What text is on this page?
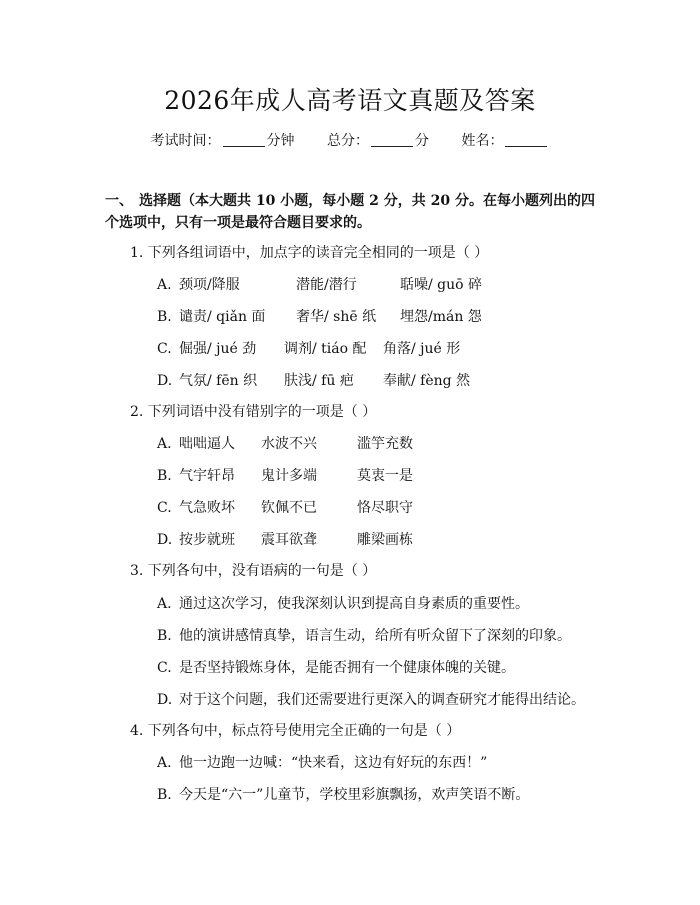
2026年成人高考语文真题及答案
考试时间：	分钟 总分：	分 姓名：
一、 选择题（本大题共 10 小题，每小题 2 分，共 20 分。在每小题列出的四个选项中，只有一项是最符合题目要求的。
1. 下列各组词语中，加点字的读音完全相同的一项是（ ）
A. 颈项/降服	潜能/潜行	聒噪/ guō 碎
B. 谴责/ qiǎn 面 奢华/ shē 纸 埋怨/mán 怨
C. 倔强/ jué 劲 调剂/ tiáo 配 角落/ jué 形
D. 气氛/ fēn 织 肤浅/ fū 疤 奉献/ fèng 然
2. 下列词语中没有错别字的一项是（ ）
A. 咄咄逼人 水波不兴	滥竽充数
B. 气宇轩昂 鬼计多端	莫衷一是
C. 气急败坏 钦佩不已	恪尽职守
D. 按步就班 震耳欲聋	雕梁画栋
3. 下列各句中，没有语病的一句是（ ）
A. 通过这次学习，使我深刻认识到提高自身素质的重要性。
B. 他的演讲感情真挚，语言生动，给所有听众留下了深刻的印象。
C. 是否坚持锻炼身体，是能否拥有一个健康体魄的关键。
D. 对于这个问题，我们还需要进行更深入的调查研究才能得出结论。
4. 下列各句中，标点符号使用完全正确的一句是（ ）
A. 他一边跑一边喊：“快来看，这边有好玩的东西！”
B. 今天是“六一”儿童节，学校里彩旗飘扬，欢声笑语不断。
